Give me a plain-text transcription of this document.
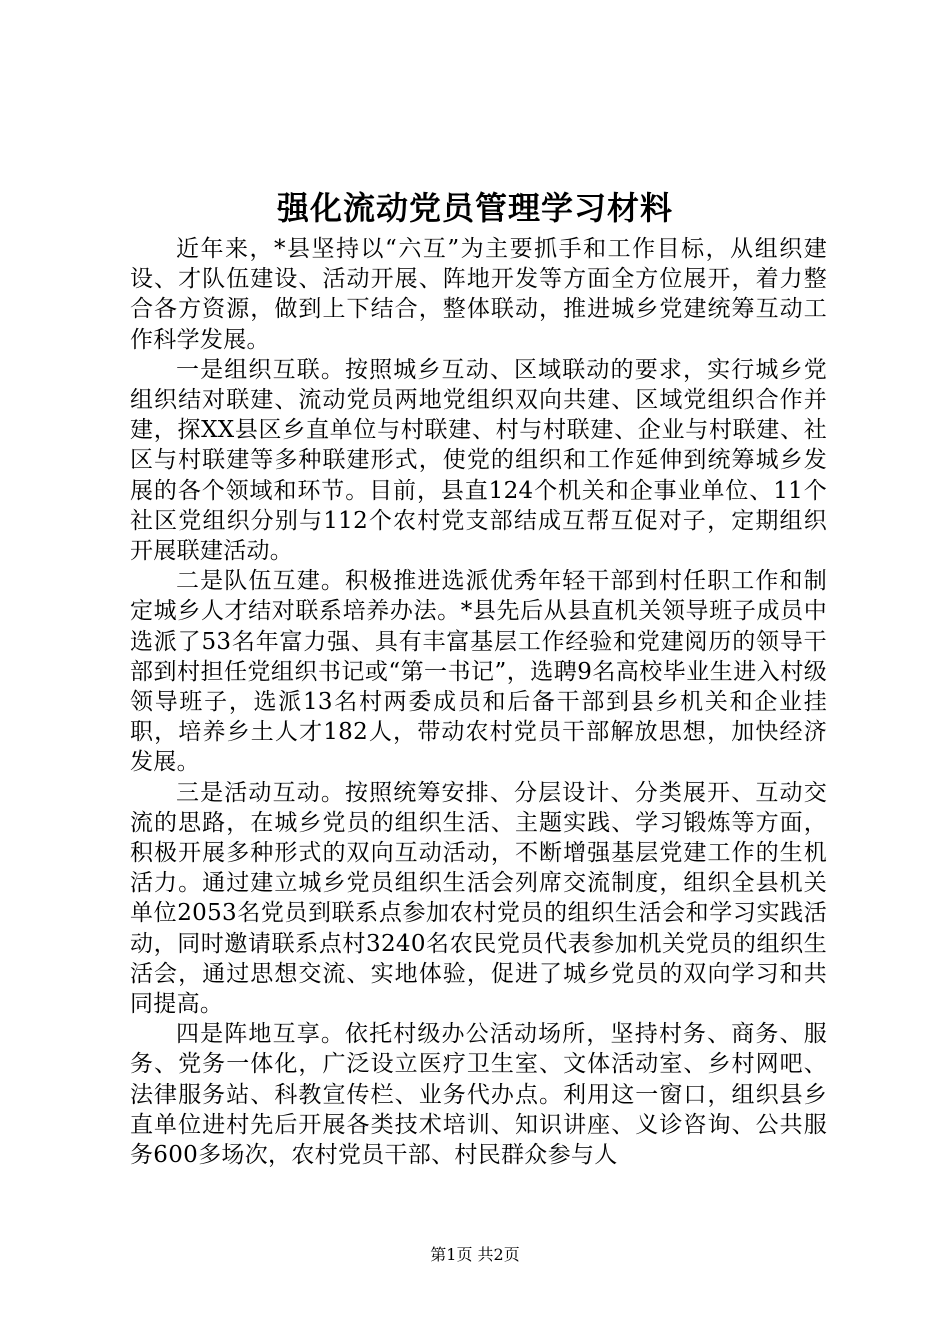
强化流动党员管理学习材料

近年来，*县坚持以“六互”为主要抓手和工作目标，从组织建设、才队伍建设、活动开展、阵地开发等方面全方位展开，着力整合各方资源，做到上下结合，整体联动，推进城乡党建统筹互动工作科学发展。

一是组织互联。按照城乡互动、区域联动的要求，实行城乡党组织结对联建、流动党员两地党组织双向共建、区域党组织合作并建，探XX县区乡直单位与村联建、村与村联建、企业与村联建、社区与村联建等多种联建形式，使党的组织和工作延伸到统筹城乡发展的各个领域和环节。目前，县直124个机关和企事业单位、11个社区党组织分别与112个农村党支部结成互帮互促对子，定期组织开展联建活动。

二是队伍互建。积极推进选派优秀年轻干部到村任职工作和制定城乡人才结对联系培养办法。*县先后从县直机关领导班子成员中选派了53名年富力强、具有丰富基层工作经验和党建阅历的领导干部到村担任党组织书记或“第一书记”，选聘9名高校毕业生进入村级领导班子，选派13名村两委成员和后备干部到县乡机关和企业挂职，培养乡土人才182人，带动农村党员干部解放思想，加快经济发展。

三是活动互动。按照统筹安排、分层设计、分类展开、互动交流的思路，在城乡党员的组织生活、主题实践、学习锻炼等方面，积极开展多种形式的双向互动活动，不断增强基层党建工作的生机活力。通过建立城乡党员组织生活会列席交流制度，组织全县机关单位2053名党员到联系点参加农村党员的组织生活会和学习实践活动，同时邀请联系点村3240名农民党员代表参加机关党员的组织生活会，通过思想交流、实地体验，促进了城乡党员的双向学习和共同提高。

四是阵地互享。依托村级办公活动场所，坚持村务、商务、服务、党务一体化，广泛设立医疗卫生室、文体活动室、乡村网吧、法律服务站、科教宣传栏、业务代办点。利用这一窗口，组织县乡直单位进村先后开展各类技术培训、知识讲座、义诊咨询、公共服务600多场次，农村党员干部、村民群众参与人

第1页 共2页
